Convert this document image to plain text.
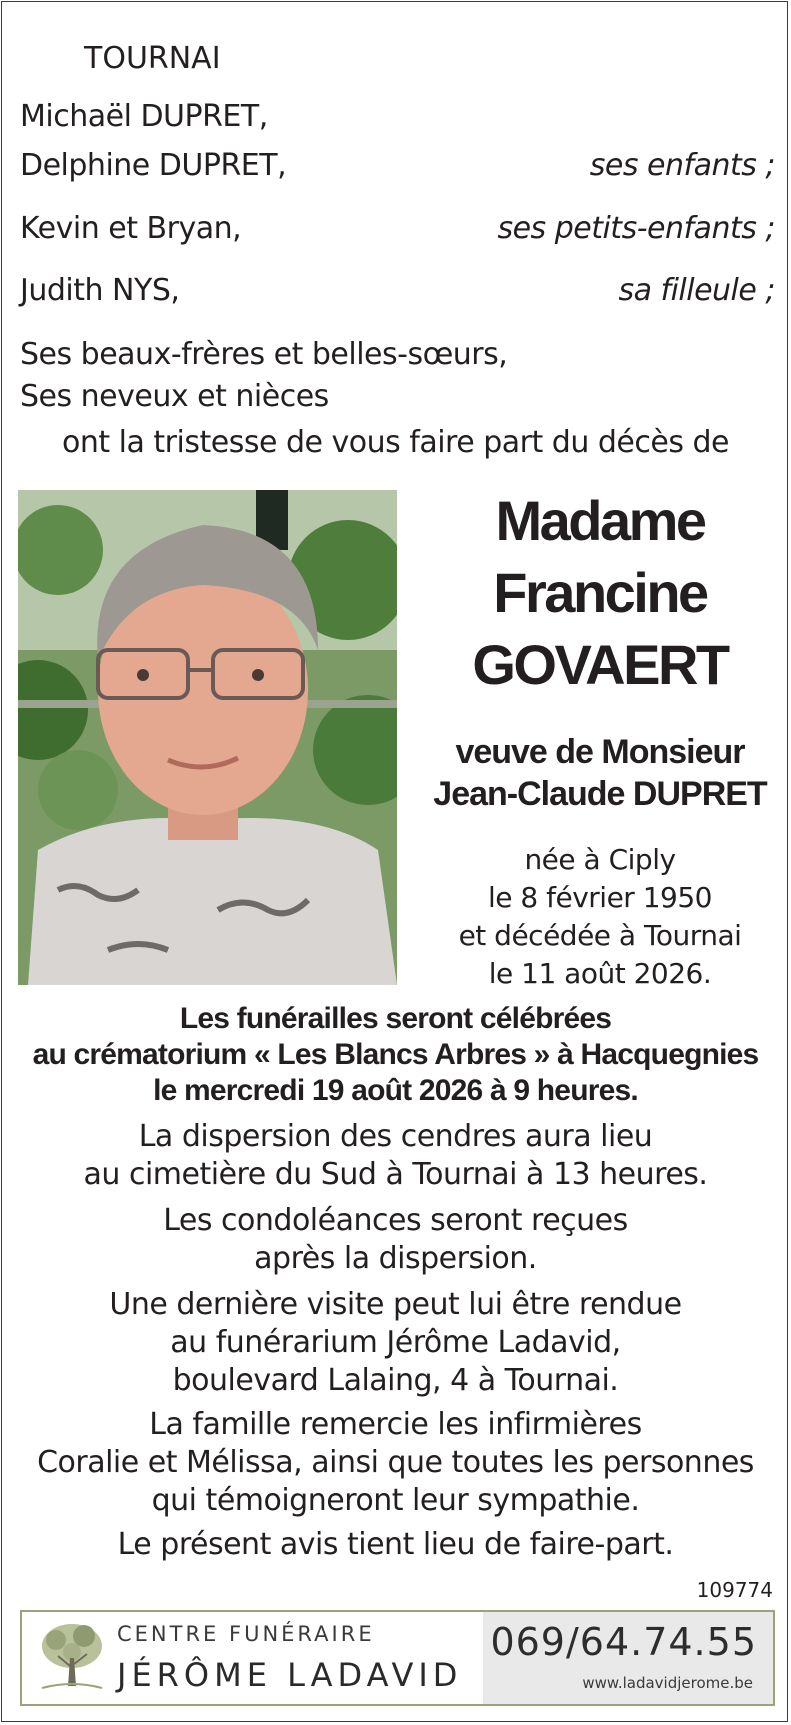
TOURNAI
Michaël DUPRET,
Delphine DUPRET,	ses enfants ;
Kevin et Bryan,	ses petits-enfants ;
Judith NYS,	sa filleule ;
Ses beaux-frères et belles-sœurs,
Ses neveux et nièces
ont la tristesse de vous faire part du décès de
Madame
Francine
GOVAERT
veuve de Monsieur
Jean-Claude DUPRET
née à Ciply
le 8 février 1950
et décédée à Tournai
le 11 août 2026.
Les funérailles seront célébrées
au crématorium « Les Blancs Arbres » à Hacquegnies
le mercredi 19 août 2026 à 9 heures.
La dispersion des cendres aura lieu
au cimetière du Sud à Tournai à 13 heures.
Les condoléances seront reçues
après la dispersion.
Une dernière visite peut lui être rendue
au funérarium Jérôme Ladavid,
boulevard Lalaing, 4 à Tournai.
La famille remercie les infirmières
Coralie et Mélissa, ainsi que toutes les personnes
qui témoigneront leur sympathie.
Le présent avis tient lieu de faire-part.
109774
CENTRE FUNÉRAIRE
JÉRÔME LADAVID
069/64.74.55
www.ladavidjerome.be
